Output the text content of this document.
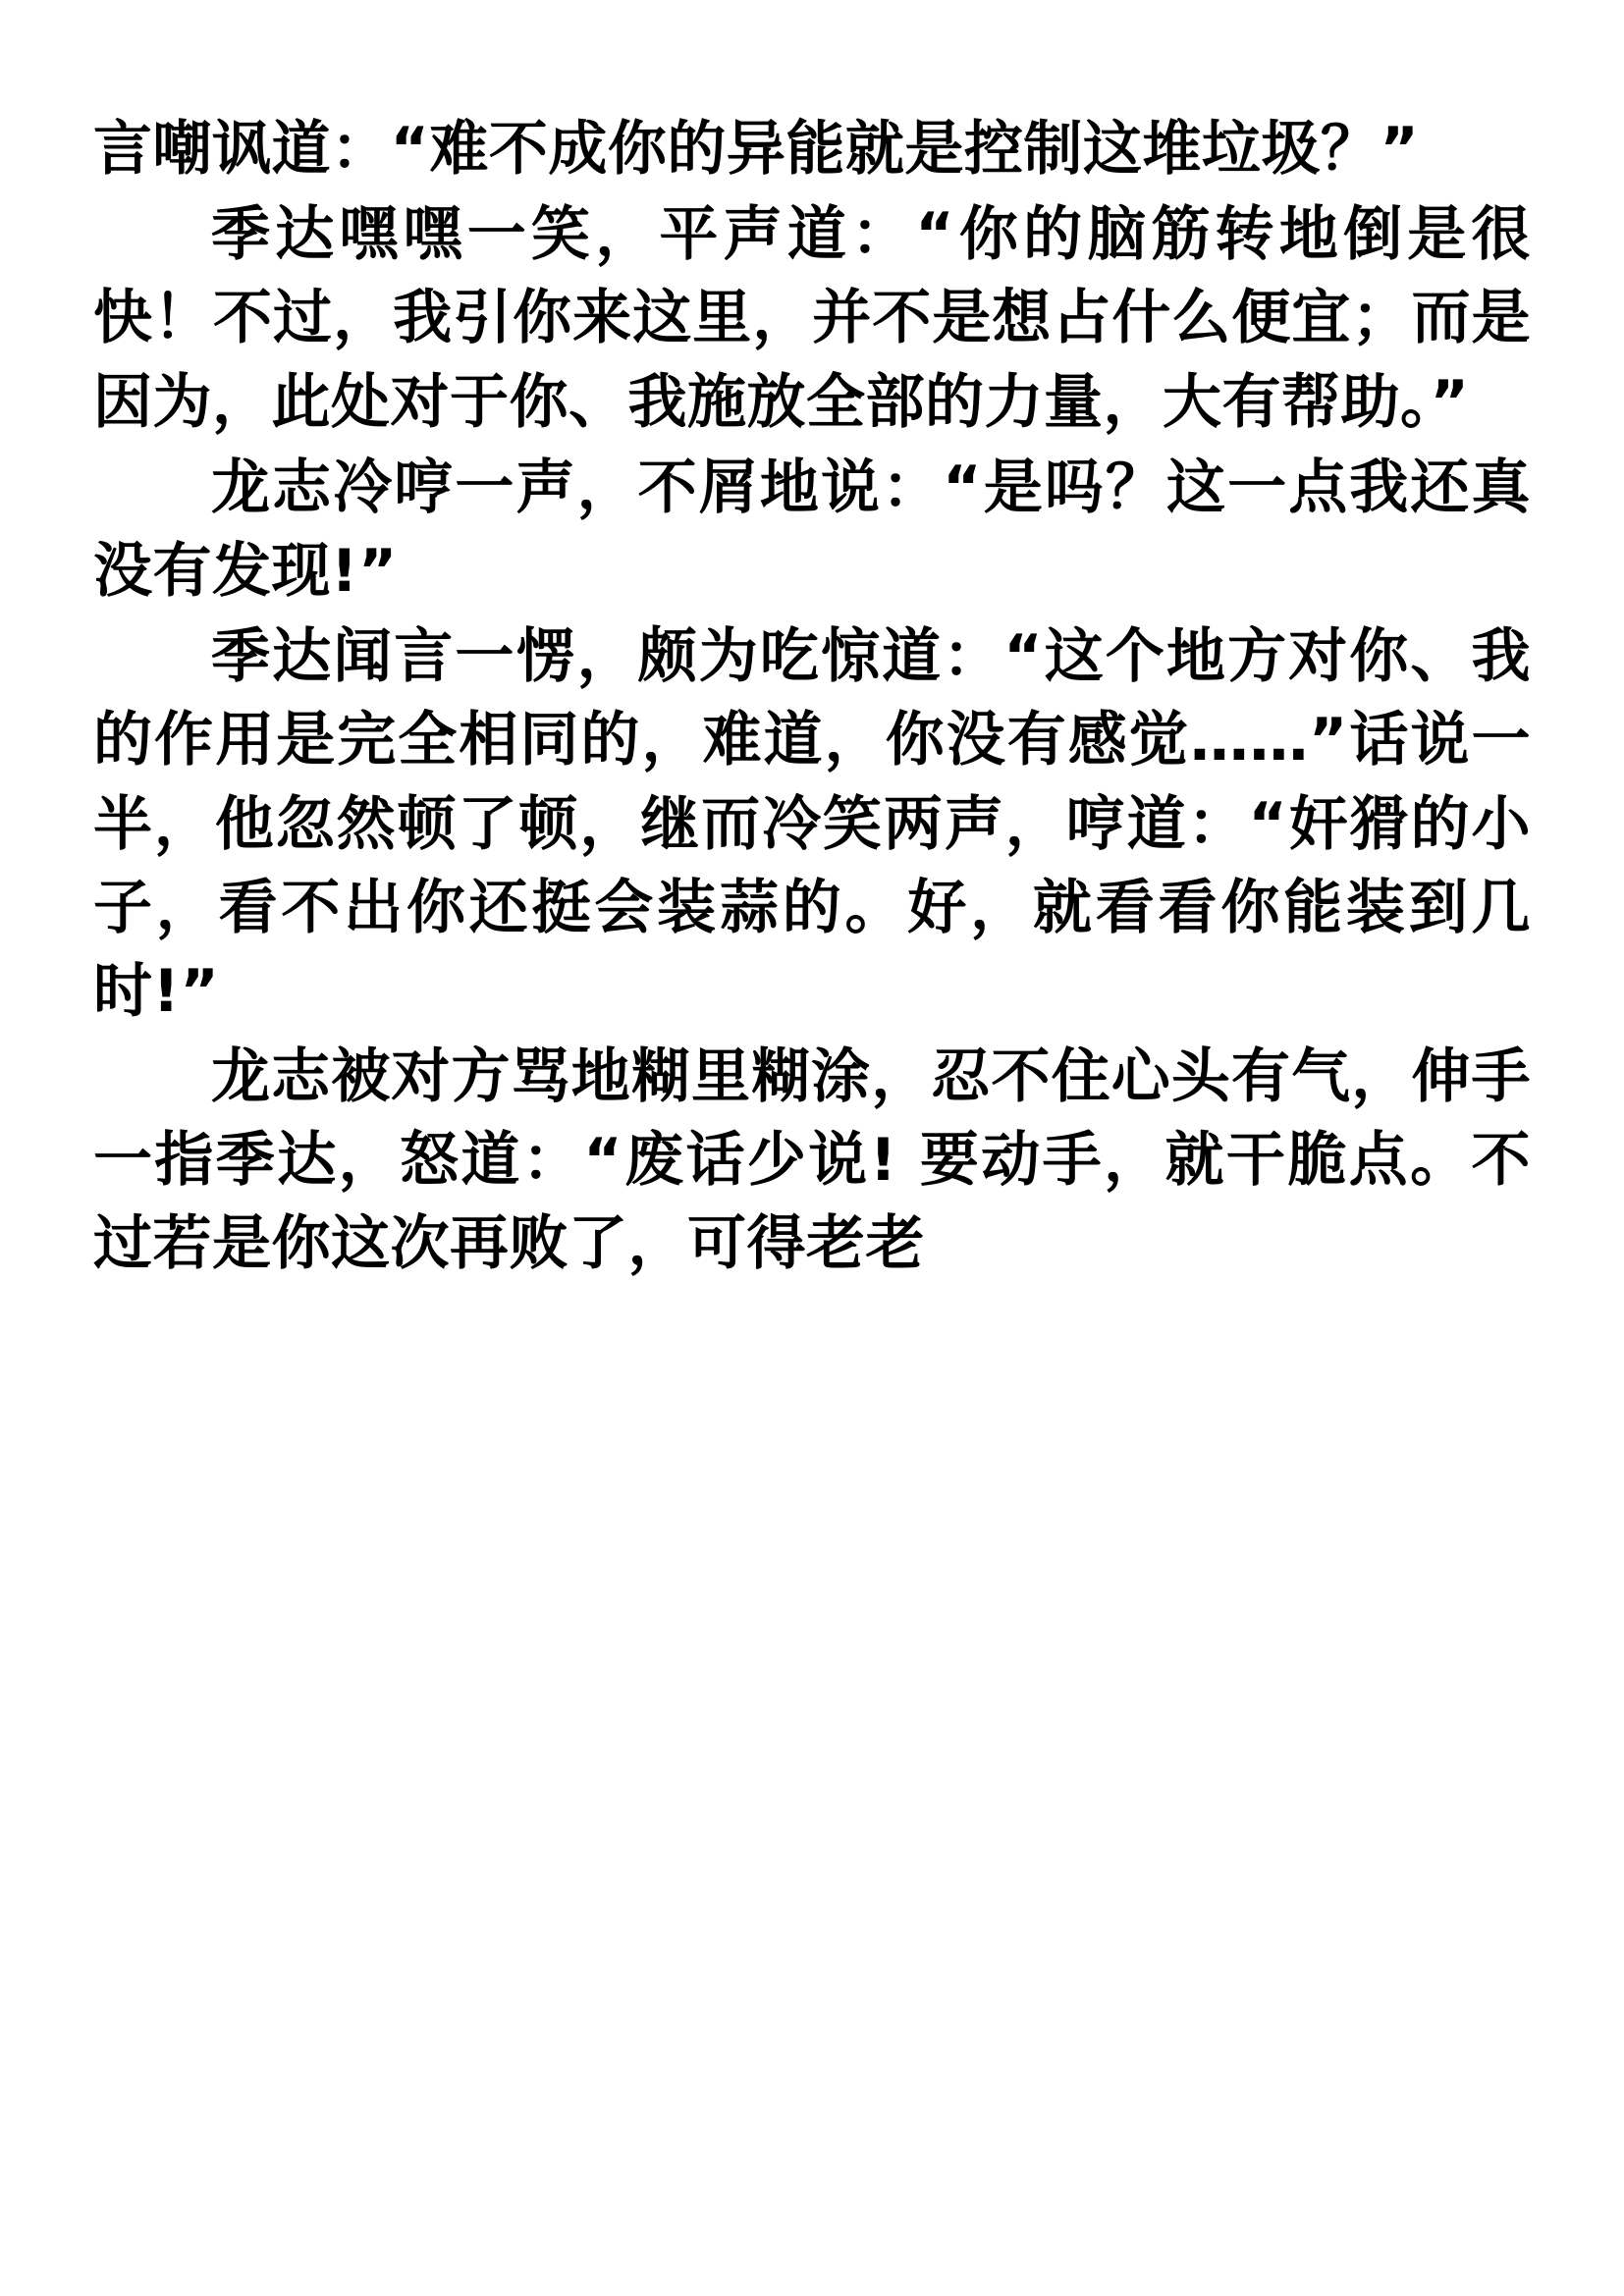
言嘲讽道：“难不成你的异能就是控制这堆垃圾？”

季达嘿嘿一笑，平声道：“你的脑筋转地倒是很快！不过，我引你来这里，并不是想占什么便宜；而是因为，此处对于你、我施放全部的力量，大有帮助。”

龙志冷哼一声，不屑地说：“是吗？这一点我还真没有发现!”

季达闻言一愣，颇为吃惊道：“这个地方对你、我的作用是完全相同的，难道，你没有感觉……”话说一半，他忽然顿了顿，继而冷笑两声，哼道：“奸猾的小子，看不出你还挺会装蒜的。好，就看看你能装到几时!”

龙志被对方骂地糊里糊涂，忍不住心头有气，伸手一指季达，怒道：“废话少说! 要动手，就干脆点。不过若是你这次再败了，可得老老
